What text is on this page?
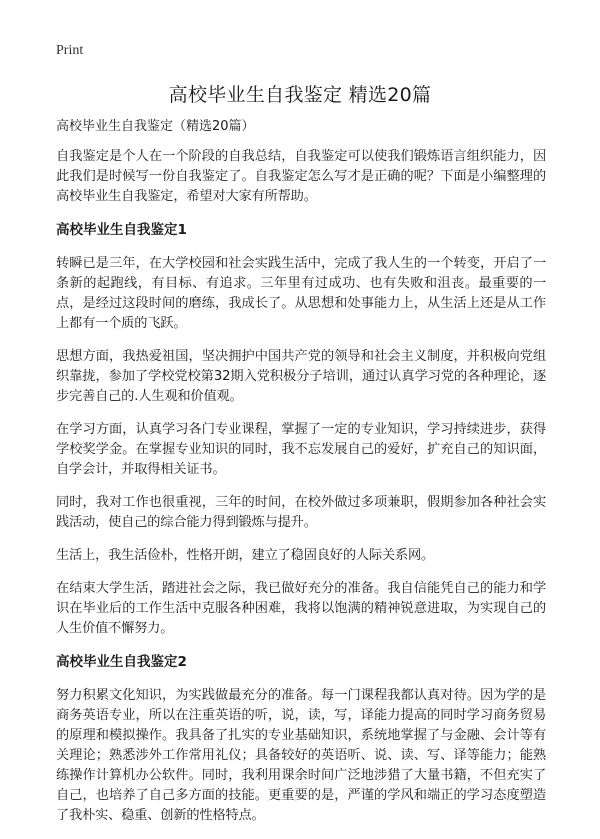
Print
高校毕业生自我鉴定 精选20篇

高校毕业生自我鉴定（精选20篇）

自我鉴定是个人在一个阶段的自我总结，自我鉴定可以使我们锻炼语言组织能力，因此我们是时候写一份自我鉴定了。自我鉴定怎么写才是正确的呢？下面是小编整理的高校毕业生自我鉴定，希望对大家有所帮助。

高校毕业生自我鉴定1

转瞬已是三年，在大学校园和社会实践生活中，完成了我人生的一个转变，开启了一条新的起跑线，有目标、有追求。三年里有过成功、也有失败和沮丧。最重要的一点，是经过这段时间的磨练，我成长了。从思想和处事能力上，从生活上还是从工作上都有一个质的飞跃。

思想方面，我热爱祖国，坚决拥护中国共产党的领导和社会主义制度，并积极向党组织靠拢，参加了学校党校第32期入党积极分子培训，通过认真学习党的各种理论，逐步完善自己的.人生观和价值观。

在学习方面，认真学习各门专业课程，掌握了一定的专业知识，学习持续进步，获得学校奖学金。在掌握专业知识的同时，我不忘发展自己的爱好，扩充自己的知识面，自学会计，并取得相关证书。

同时，我对工作也很重视，三年的时间，在校外做过多项兼职，假期参加各种社会实践活动，使自己的综合能力得到锻炼与提升。

生活上，我生活俭朴，性格开朗，建立了稳固良好的人际关系网。

在结束大学生活，踏进社会之际，我已做好充分的准备。我自信能凭自己的能力和学识在毕业后的工作生活中克服各种困难，我将以饱满的精神锐意进取，为实现自己的人生价值不懈努力。

高校毕业生自我鉴定2

努力积累文化知识，为实践做最充分的准备。每一门课程我都认真对待。因为学的是商务英语专业，所以在注重英语的听，说，读，写，译能力提高的同时学习商务贸易的原理和模拟操作。我具备了扎实的专业基础知识，系统地掌握了与金融、会计等有关理论；熟悉涉外工作常用礼仪；具备较好的英语听、说、读、写、译等能力；能熟练操作计算机办公软件。同时，我利用课余时间广泛地涉猎了大量书籍，不但充实了自己，也培养了自己多方面的技能。更重要的是，严谨的学风和端正的学习态度塑造了我朴实、稳重、创新的性格特点。
